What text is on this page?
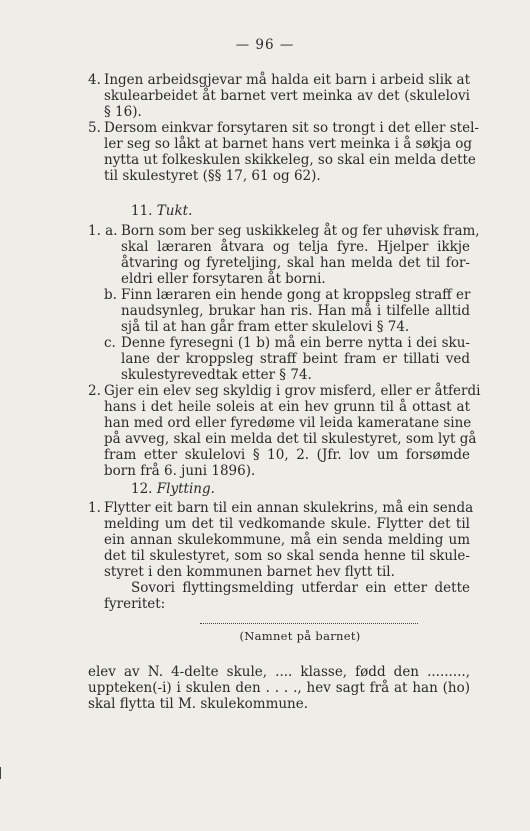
— 96 —
4. Ingen arbeidsgjevar må halda eit barn i arbeid slik at
skulearbeidet åt barnet vert meinka av det (skulelovi
§ 16).
5. Dersom einkvar forsytaren sit so trongt i det eller stel-
ler seg so låkt at barnet hans vert meinka i å søkja og
nytta ut folkeskulen skikkeleg, so skal ein melda dette
til skulestyret (§§ 17, 61 og 62).
11. Tukt.
1. a. Born som ber seg uskikkeleg åt og fer uhøvisk fram,
skal læraren åtvara og telja fyre. Hjelper ikkje
åtvaring og fyreteljing, skal han melda det til for-
eldri eller forsytaren åt borni.
b. Finn læraren ein hende gong at kroppsleg straff er
naudsynleg, brukar han ris. Han må i tilfelle alltid
sjå til at han går fram etter skulelovi § 74.
c. Denne fyresegni (1 b) må ein berre nytta i dei sku-
lane der kroppsleg straff beint fram er tillati ved
skulestyrevedtak etter § 74.
2. Gjer ein elev seg skyldig i grov misferd, eller er åtferdi
hans i det heile soleis at ein hev grunn til å ottast at
han med ord eller fyredøme vil leida kameratane sine
på avveg, skal ein melda det til skulestyret, som lyt gå
fram etter skulelovi § 10, 2. (Jfr. lov um forsømde
born frå 6. juni 1896).
12. Flytting.
1. Flytter eit barn til ein annan skulekrins, må ein senda
melding um det til vedkomande skule. Flytter det til
ein annan skulekommune, må ein senda melding um
det til skulestyret, som so skal senda henne til skule-
styret i den kommunen barnet hev flytt til.
Sovori flyttingsmelding utferdar ein etter dette
fyreritet:
(Namnet på barnet)
elev av N. 4-delte skule, .... klasse, fødd den .........,
uppteken(-i) i skulen den . . . ., hev sagt frå at han (ho)
skal flytta til M. skulekommune.
